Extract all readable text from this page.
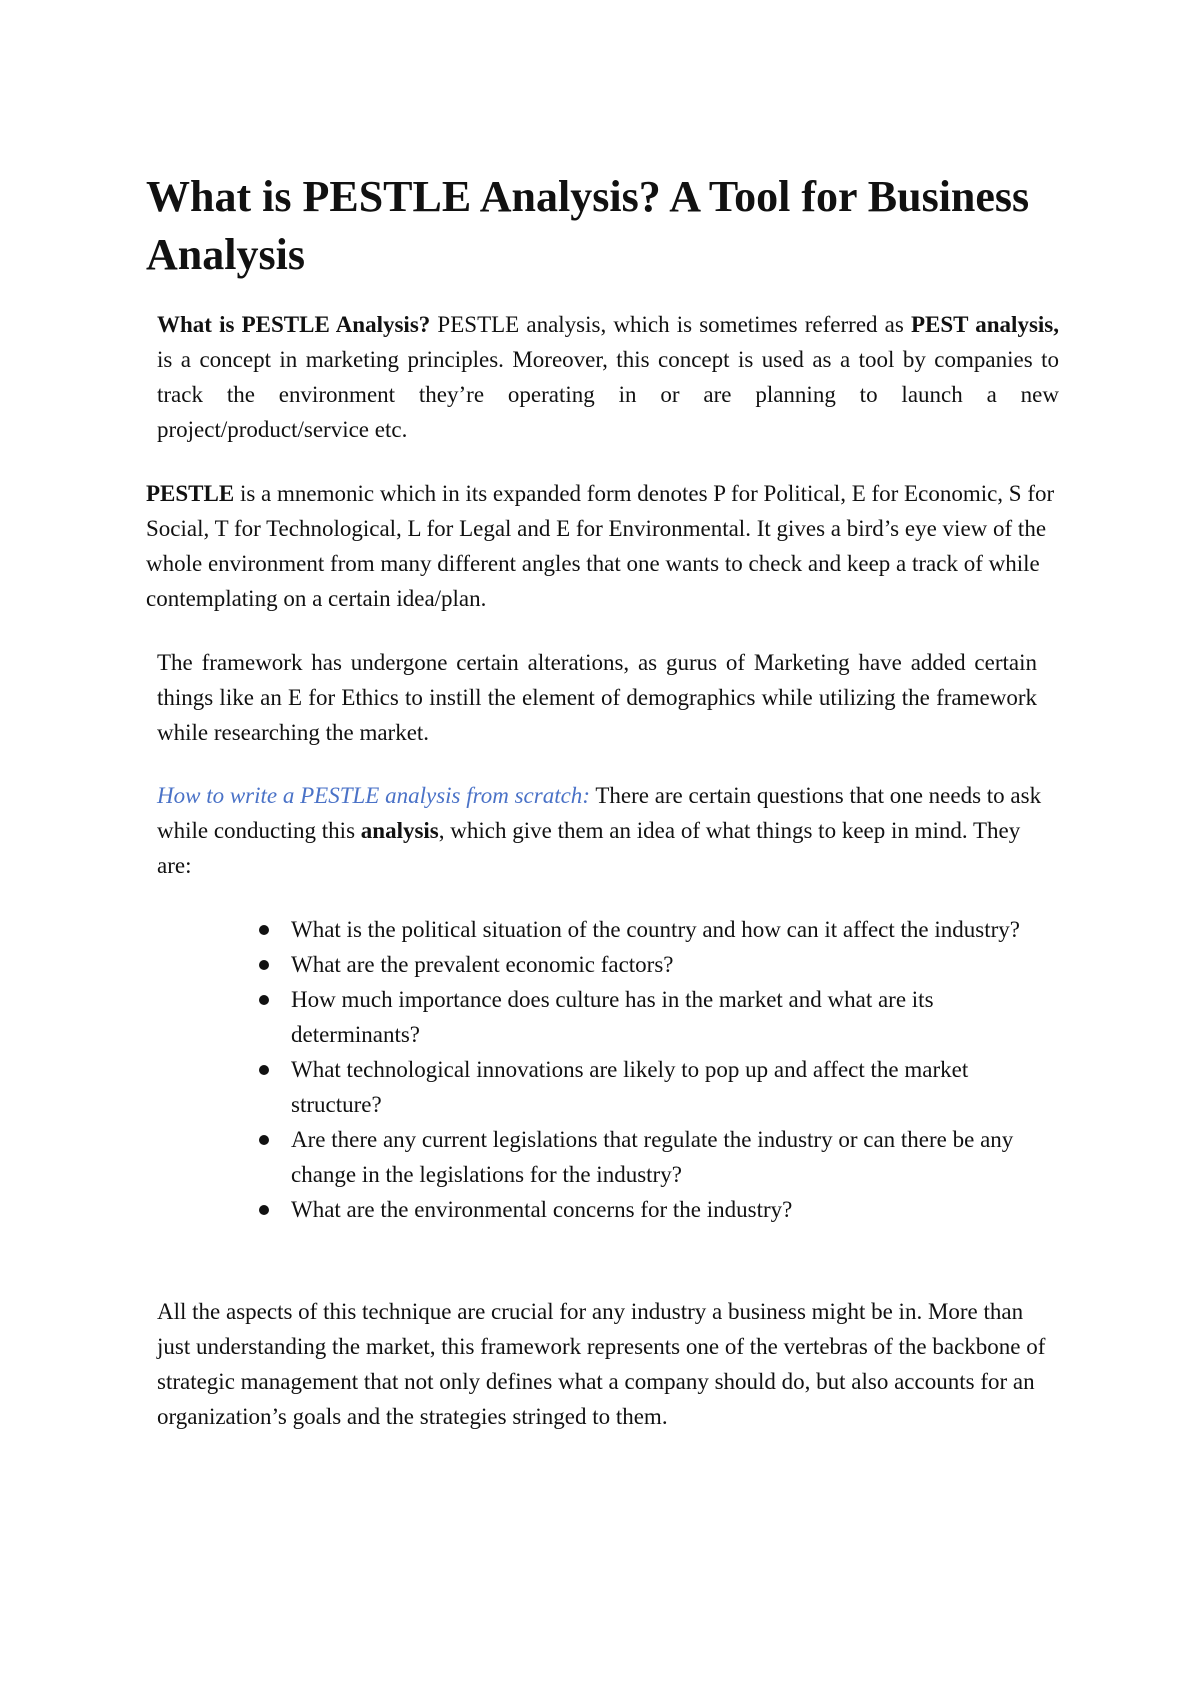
What is PESTLE Analysis? A Tool for Business Analysis

What is PESTLE Analysis? PESTLE analysis, which is sometimes referred as PEST analysis, is a concept in marketing principles. Moreover, this concept is used as a tool by companies to track the environment they’re operating in or are planning to launch a new project/product/service etc.

PESTLE is a mnemonic which in its expanded form denotes P for Political, E for Economic, S for Social, T for Technological, L for Legal and E for Environmental. It gives a bird’s eye view of the whole environment from many different angles that one wants to check and keep a track of while contemplating on a certain idea/plan.

The framework has undergone certain alterations, as gurus of Marketing have added certain things like an E for Ethics to instill the element of demographics while utilizing the framework while researching the market.

How to write a PESTLE analysis from scratch: There are certain questions that one needs to ask while conducting this analysis, which give them an idea of what things to keep in mind. They are:

What is the political situation of the country and how can it affect the industry?
What are the prevalent economic factors?
How much importance does culture has in the market and what are its determinants?
What technological innovations are likely to pop up and affect the market structure?
Are there any current legislations that regulate the industry or can there be any change in the legislations for the industry?
What are the environmental concerns for the industry?

All the aspects of this technique are crucial for any industry a business might be in. More than just understanding the market, this framework represents one of the vertebras of the backbone of strategic management that not only defines what a company should do, but also accounts for an organization’s goals and the strategies stringed to them.
